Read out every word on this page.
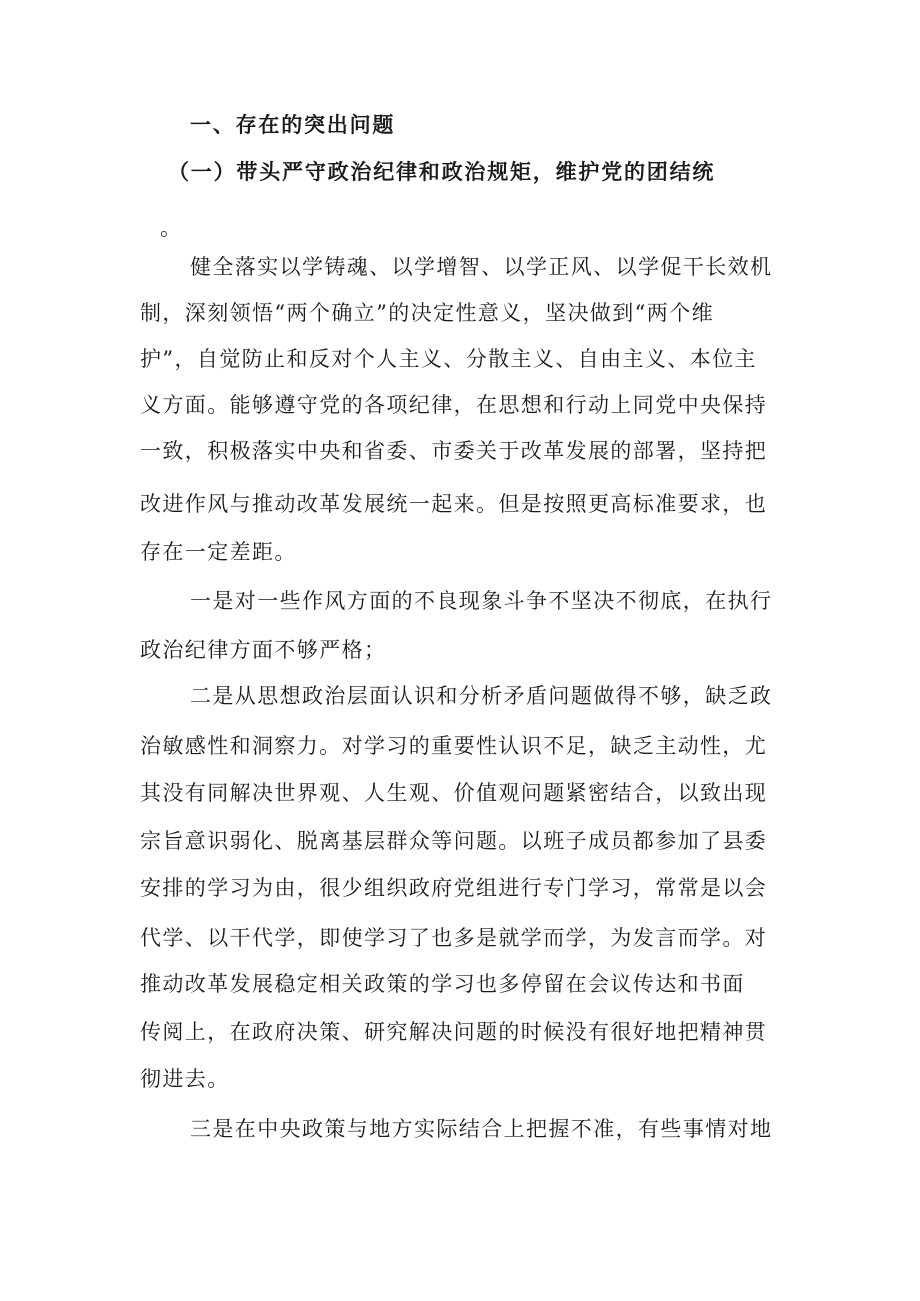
一、存在的突出问题

（一）带头严守政治纪律和政治规矩，维护党的团结统

。

健全落实以学铸魂、以学增智、以学正风、以学促干长效机

制，深刻领悟“两个确立”的决定性意义，坚决做到“两个维

护”，自觉防止和反对个人主义、分散主义、自由主义、本位主

义方面。能够遵守党的各项纪律，在思想和行动上同党中央保持

一致，积极落实中央和省委、市委关于改革发展的部署，坚持把

改进作风与推动改革发展统一起来。但是按照更高标准要求，也

存在一定差距。

一是对一些作风方面的不良现象斗争不坚决不彻底，在执行

政治纪律方面不够严格；

二是从思想政治层面认识和分析矛盾问题做得不够，缺乏政

治敏感性和洞察力。对学习的重要性认识不足，缺乏主动性，尤

其没有同解决世界观、人生观、价值观问题紧密结合，以致出现

宗旨意识弱化、脱离基层群众等问题。以班子成员都参加了县委

安排的学习为由，很少组织政府党组进行专门学习，常常是以会

代学、以干代学，即使学习了也多是就学而学，为发言而学。对

推动改革发展稳定相关政策的学习也多停留在会议传达和书面

传阅上，在政府决策、研究解决问题的时候没有很好地把精神贯

彻进去。

三是在中央政策与地方实际结合上把握不准，有些事情对地
